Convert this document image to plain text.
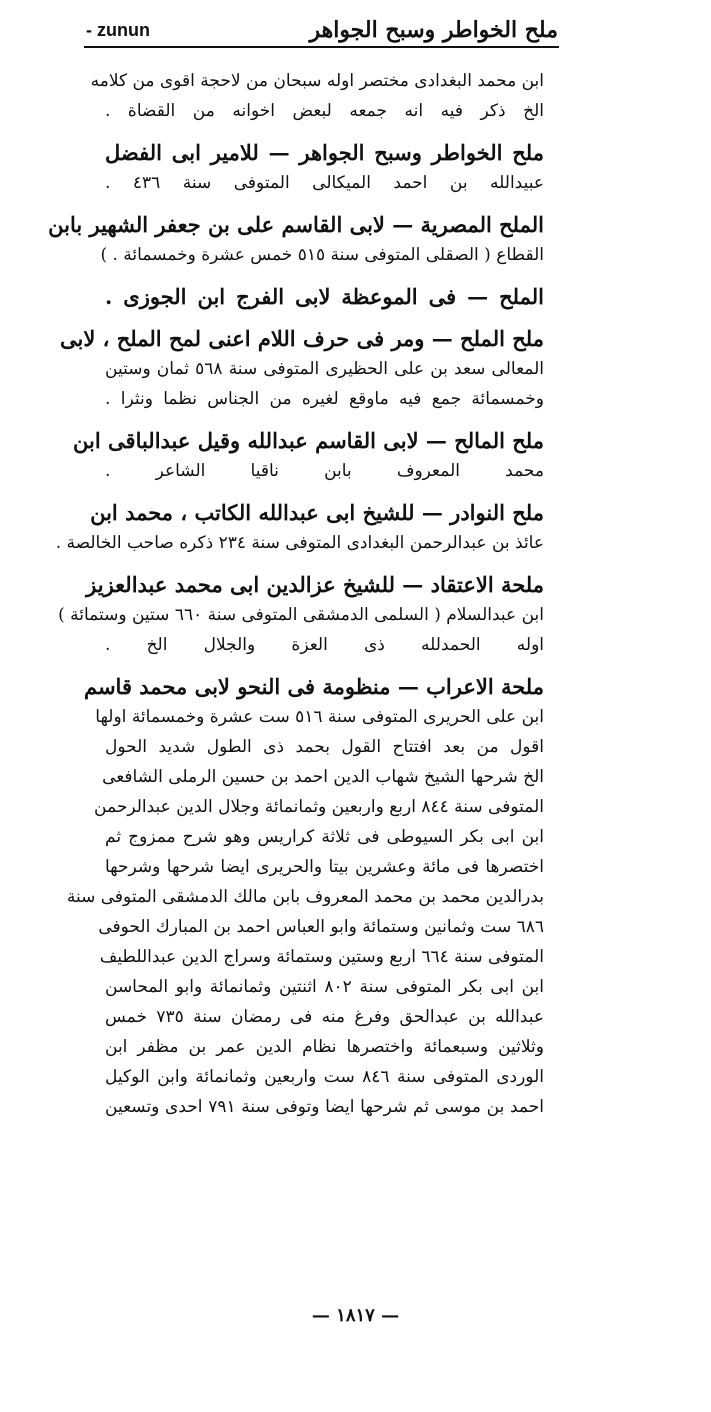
ملح الخواطر وسبح الجواهر
- zunun
ابن محمد البغدادى مختصر اوله سبحان من لاحجة اقوى من كلامه
الخ ذكر فيه انه جمعه لبعض اخوانه من القضاة .
ملح الخواطر وسبح الجواهر — للامير ابى الفضل
عبيدالله بن احمد الميكالى المتوفى سنة ٤٣٦ .
الملح المصرية — لابى القاسم على بن جعفر الشهير بابن
القطاع ( الصقلى المتوفى سنة ٥١٥ خمس عشرة وخمسمائة . )
الملح — فى الموعظة لابى الفرج ابن الجوزى .
ملح الملح — ومر فى حرف اللام اعنى لمح الملح ، لابى
المعالى سعد بن على الحظيرى المتوفى سنة ٥٦٨ ثمان وستين
وخمسمائة جمع فيه ماوقع لغيره من الجناس نظما ونثرا .
ملح المالح — لابى القاسم عبدالله وقيل عبدالباقى ابن
محمد المعروف بابن ناقيا الشاعر .
ملح النوادر — للشيخ ابى عبدالله الكاتب ، محمد ابن
عائذ بن عبدالرحمن البغدادى المتوفى سنة ٢٣٤ ذكره صاحب الخالصة .
ملحة الاعتقاد — للشيخ عزالدين ابى محمد عبدالعزيز
ابن عبدالسلام ( السلمى الدمشقى المتوفى سنة ٦٦٠ ستين وستمائة )
اوله الحمدلله ذى العزة والجلال الخ .
ملحة الاعراب — منظومة فى النحو لابى محمد قاسم
ابن على الحريرى المتوفى سنة ٥١٦ ست عشرة وخمسمائة اولها
اقول من بعد افتتاح القول بحمد ذى الطول شديد الحول
الخ شرحها الشيخ شهاب الدين احمد بن حسين الرملى الشافعى
المتوفى سنة ٨٤٤ اربع واربعين وثمانمائة وجلال الدين عبدالرحمن
ابن ابى بكر السيوطى فى ثلاثة كراريس وهو شرح ممزوج ثم
اختصرها فى مائة وعشرين بيتا والحريرى ايضا شرحها وشرحها
بدرالدين محمد بن محمد المعروف بابن مالك الدمشقى المتوفى سنة
٦٨٦ ست وثمانين وستمائة وابو العباس احمد بن المبارك الحوفى
المتوفى سنة ٦٦٤ اربع وستين وستمائة وسراج الدين عبداللطيف
ابن ابى بكر المتوفى سنة ٨٠٢ اثنتين وثمانمائة وابو المحاسن
عبدالله بن عبدالحق وفرغ منه فى رمضان سنة ٧٣٥ خمس
وثلاثين وسبعمائة واختصرها نظام الدين عمر بن مظفر ابن
الوردى المتوفى سنة ٨٤٦ ست واربعين وثمانمائة وابن الوكيل
احمد بن موسى ثم شرحها ايضا وتوفى سنة ٧٩١ احدى وتسعين
— ١٨١٧ —
